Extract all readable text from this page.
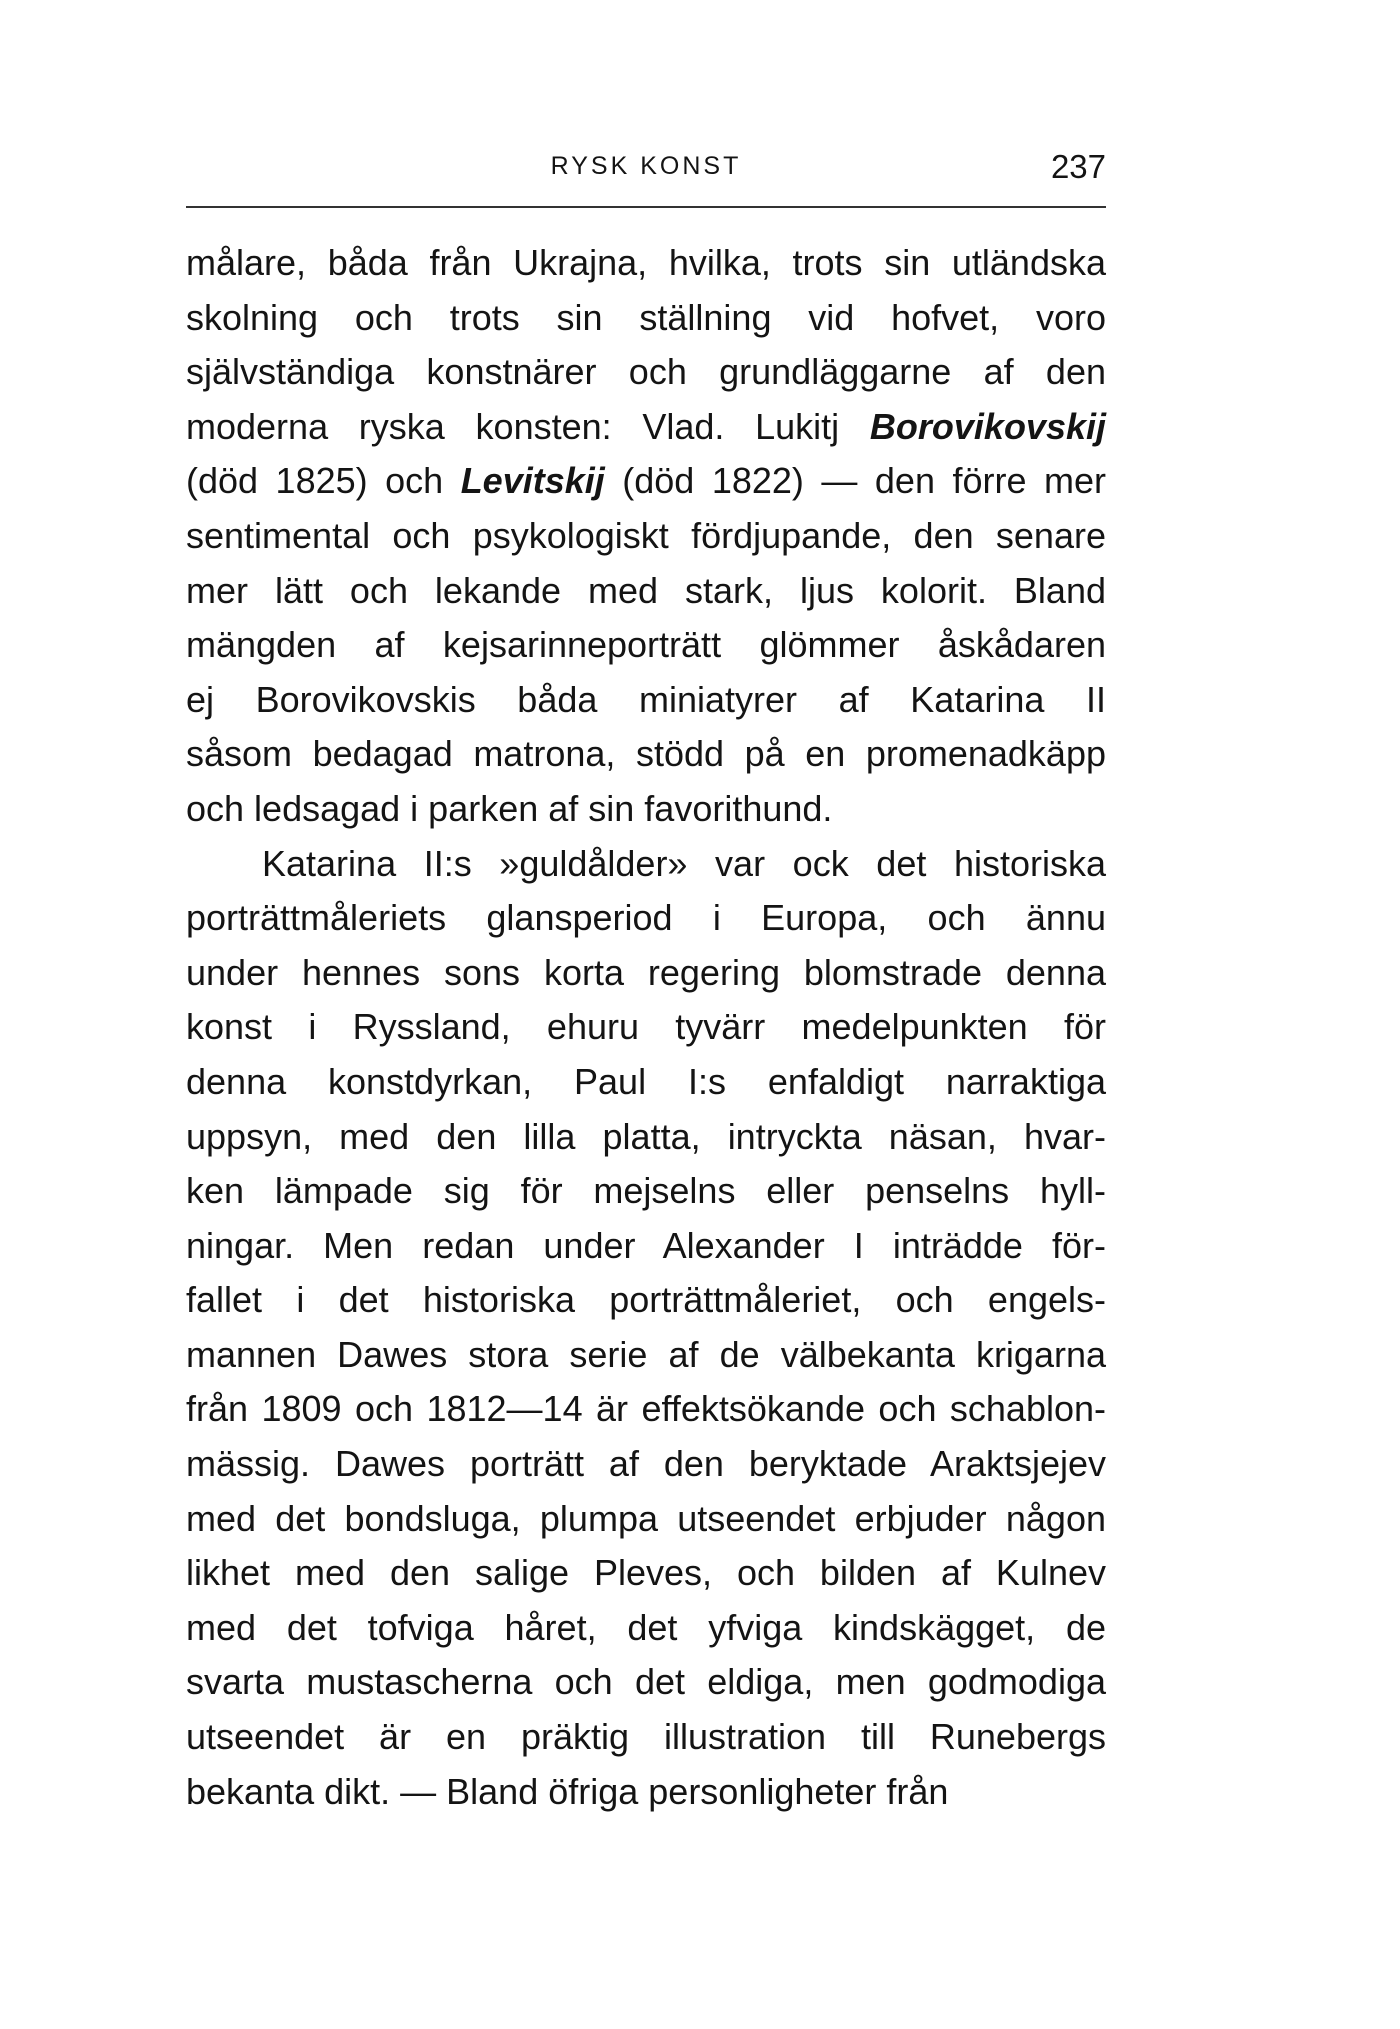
RYSK KONST	237
målare, båda från Ukrajna, hvilka, trots sin utländska
skolning och trots sin ställning vid hofvet, voro
självständiga konstnärer och grundläggarne af den
moderna ryska konsten: Vlad. Lukitj Borovikovskij
(död 1825) och Levitskij (död 1822) — den förre mer
sentimental och psykologiskt fördjupande, den senare
mer lätt och lekande med stark, ljus kolorit. Bland
mängden af kejsarinneporträtt glömmer åskådaren
ej Borovikovskis båda miniatyrer af Katarina II
såsom bedagad matrona, stödd på en promenadkäpp
och ledsagad i parken af sin favorithund.
Katarina II:s »guldålder» var ock det historiska
porträttmåleriets glansperiod i Europa, och ännu
under hennes sons korta regering blomstrade denna
konst i Ryssland, ehuru tyvärr medelpunkten för
denna konstdyrkan, Paul I:s enfaldigt narraktiga
uppsyn, med den lilla platta, intryckta näsan, hvar-
ken lämpade sig för mejselns eller penselns hyll-
ningar. Men redan under Alexander I inträdde för-
fallet i det historiska porträttmåleriet, och engels-
mannen Dawes stora serie af de välbekanta krigarna
från 1809 och 1812—14 är effektsökande och schablon-
mässig. Dawes porträtt af den beryktade Araktsjejev
med det bondsluga, plumpa utseendet erbjuder någon
likhet med den salige Pleves, och bilden af Kulnev
med det tofviga håret, det yfviga kindskägget, de
svarta mustascherna och det eldiga, men godmodiga
utseendet är en präktig illustration till Runebergs
bekanta dikt. — Bland öfriga personligheter från
